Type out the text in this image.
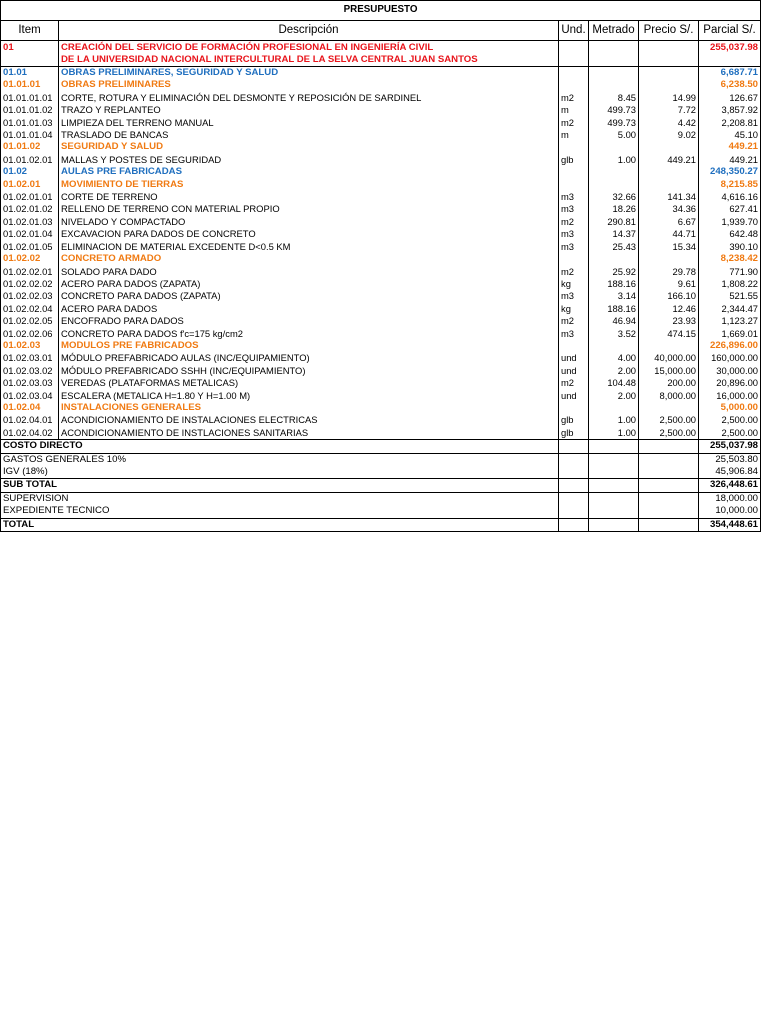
PRESUPUESTO					
Item	Descripción	Und.	Metrado	Precio S/.	Parcial S/.
01	CREACIÓN DEL SERVICIO DE FORMACIÓN PROFESIONAL EN INGENIERÍA CIVIL
DE LA UNIVERSIDAD NACIONAL INTERCULTURAL DE LA SELVA CENTRAL JUAN SANTOS				255,037.98
01.01	OBRAS PRELIMINARES, SEGURIDAD Y SALUD				6,687.71
01.01.01	OBRAS PRELIMINARES				6,238.50
01.01.01.01	CORTE, ROTURA Y ELIMINACIÓN DEL DESMONTE Y REPOSICIÓN DE SARDINEL	m2	8.45	14.99	126.67
01.01.01.02	TRAZO Y REPLANTEO	m	499.73	7.72	3,857.92
01.01.01.03	LIMPIEZA DEL TERRENO MANUAL	m2	499.73	4.42	2,208.81
01.01.01.04	TRASLADO DE BANCAS	m	5.00	9.02	45.10
01.01.02	SEGURIDAD Y SALUD				449.21
01.01.02.01	MALLAS Y POSTES DE SEGURIDAD	glb	1.00	449.21	449.21
01.02	AULAS PRE FABRICADAS				248,350.27
01.02.01	MOVIMIENTO DE TIERRAS				8,215.85
01.02.01.01	CORTE DE TERRENO	m3	32.66	141.34	4,616.16
01.02.01.02	RELLENO DE TERRENO CON MATERIAL PROPIO	m3	18.26	34.36	627.41
01.02.01.03	NIVELADO Y COMPACTADO	m2	290.81	6.67	1,939.70
01.02.01.04	EXCAVACION PARA DADOS DE CONCRETO	m3	14.37	44.71	642.48
01.02.01.05	ELIMINACION DE MATERIAL EXCEDENTE D<0.5 KM	m3	25.43	15.34	390.10
01.02.02	CONCRETO ARMADO				8,238.42
01.02.02.01	SOLADO PARA DADO	m2	25.92	29.78	771.90
01.02.02.02	ACERO PARA DADOS (ZAPATA)	kg	188.16	9.61	1,808.22
01.02.02.03	CONCRETO PARA DADOS (ZAPATA)	m3	3.14	166.10	521.55
01.02.02.04	ACERO PARA DADOS	kg	188.16	12.46	2,344.47
01.02.02.05	ENCOFRADO PARA DADOS	m2	46.94	23.93	1,123.27
01.02.02.06	CONCRETO PARA DADOS f'c=175 kg/cm2	m3	3.52	474.15	1,669.01
01.02.03	MODULOS PRE FABRICADOS				226,896.00
01.02.03.01	MÓDULO PREFABRICADO AULAS (INC/EQUIPAMIENTO)	und	4.00	40,000.00	160,000.00
01.02.03.02	MÓDULO PREFABRICADO SSHH (INC/EQUIPAMIENTO)	und	2.00	15,000.00	30,000.00
01.02.03.03	VEREDAS (PLATAFORMAS METALICAS)	m2	104.48	200.00	20,896.00
01.02.03.04	ESCALERA (METALICA H=1.80 Y H=1.00 M)	und	2.00	8,000.00	16,000.00
01.02.04	INSTALACIONES GENERALES				5,000.00
01.02.04.01	ACONDICIONAMIENTO DE INSTALACIONES ELECTRICAS	glb	1.00	2,500.00	2,500.00
01.02.04.02	ACONDICIONAMIENTO DE INSTLACIONES SANITARIAS	glb	1.00	2,500.00	2,500.00
COSTO DIRECTO					255,037.98
GASTOS GENERALES 10%					25,503.80
IGV (18%)					45,906.84
SUB TOTAL					326,448.61
SUPERVISION					18,000.00
EXPEDIENTE TECNICO					10,000.00
TOTAL					354,448.61
